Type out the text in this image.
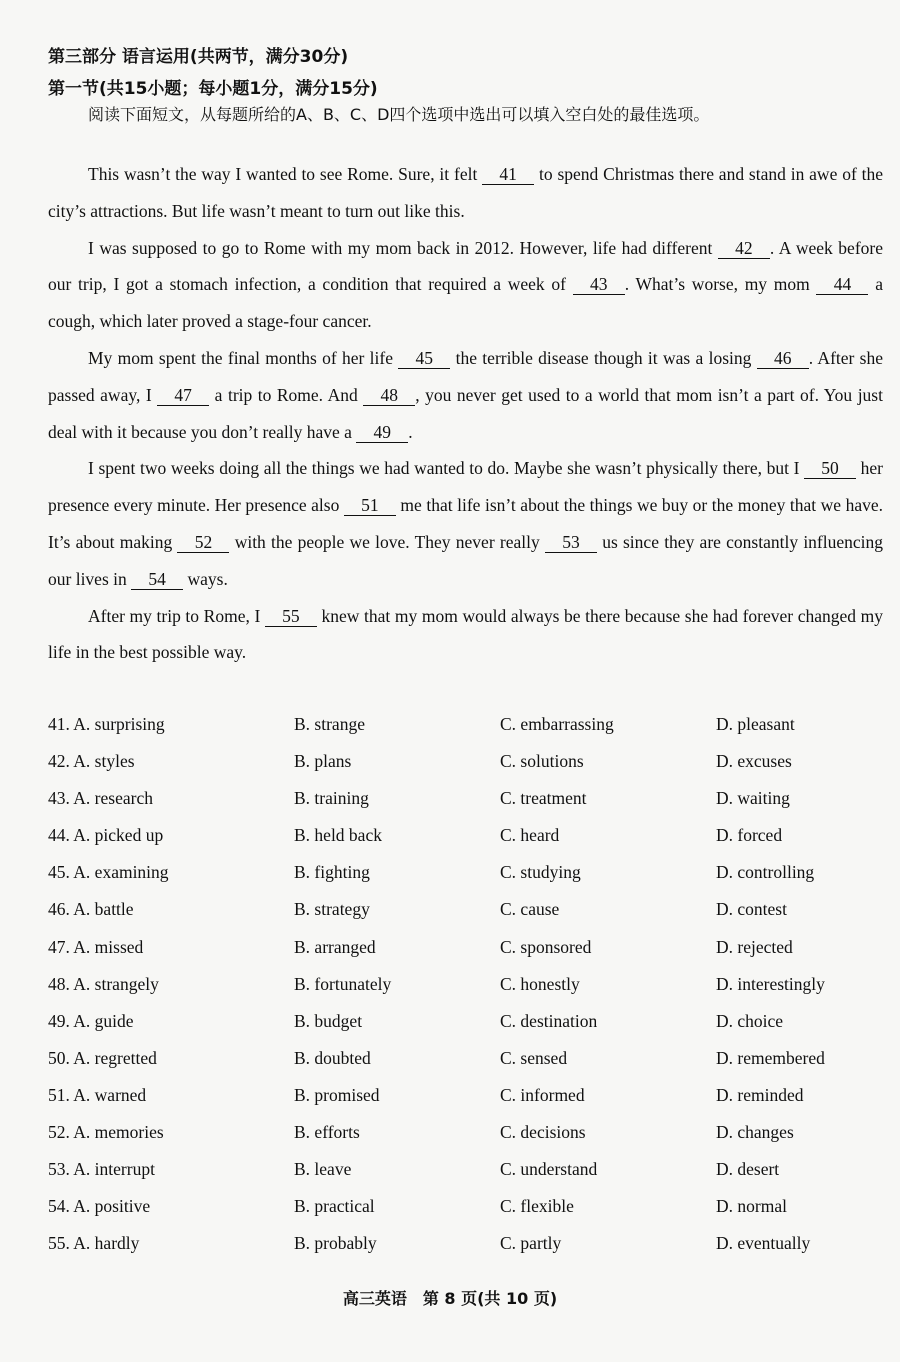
第三部分 语言运用(共两节，满分30分)
第一节(共15小题；每小题1分，满分15分)
阅读下面短文，从每题所给的A、B、C、D四个选项中选出可以填入空白处的最佳选项。

This wasn’t the way I wanted to see Rome. Sure, it felt 41 to spend Christmas there and stand in awe of the city’s attractions. But life wasn’t meant to turn out like this.

I was supposed to go to Rome with my mom back in 2012. However, life had different 42 . A week before our trip, I got a stomach infection, a condition that required a week of 43 . What’s worse, my mom 44 a cough, which later proved a stage-four cancer.

My mom spent the final months of her life 45 the terrible disease though it was a losing 46 . After she passed away, I 47 a trip to Rome. And 48 , you never get used to a world that mom isn’t a part of. You just deal with it because you don’t really have a 49 .

I spent two weeks doing all the things we had wanted to do. Maybe she wasn’t physically there, but I 50 her presence every minute. Her presence also 51 me that life isn’t about the things we buy or the money that we have. It’s about making 52 with the people we love. They never really 53 us since they are constantly influencing our lives in 54 ways.

After my trip to Rome, I 55 knew that my mom would always be there because she had forever changed my life in the best possible way.

41. A. surprising	B. strange	C. embarrassing	D. pleasant
42. A. styles	B. plans	C. solutions	D. excuses
43. A. research	B. training	C. treatment	D. waiting
44. A. picked up	B. held back	C. heard	D. forced
45. A. examining	B. fighting	C. studying	D. controlling
46. A. battle	B. strategy	C. cause	D. contest
47. A. missed	B. arranged	C. sponsored	D. rejected
48. A. strangely	B. fortunately	C. honestly	D. interestingly
49. A. guide	B. budget	C. destination	D. choice
50. A. regretted	B. doubted	C. sensed	D. remembered
51. A. warned	B. promised	C. informed	D. reminded
52. A. memories	B. efforts	C. decisions	D. changes
53. A. interrupt	B. leave	C. understand	D. desert
54. A. positive	B. practical	C. flexible	D. normal
55. A. hardly	B. probably	C. partly	D. eventually
高三英语　第 8 页(共 10 页)
